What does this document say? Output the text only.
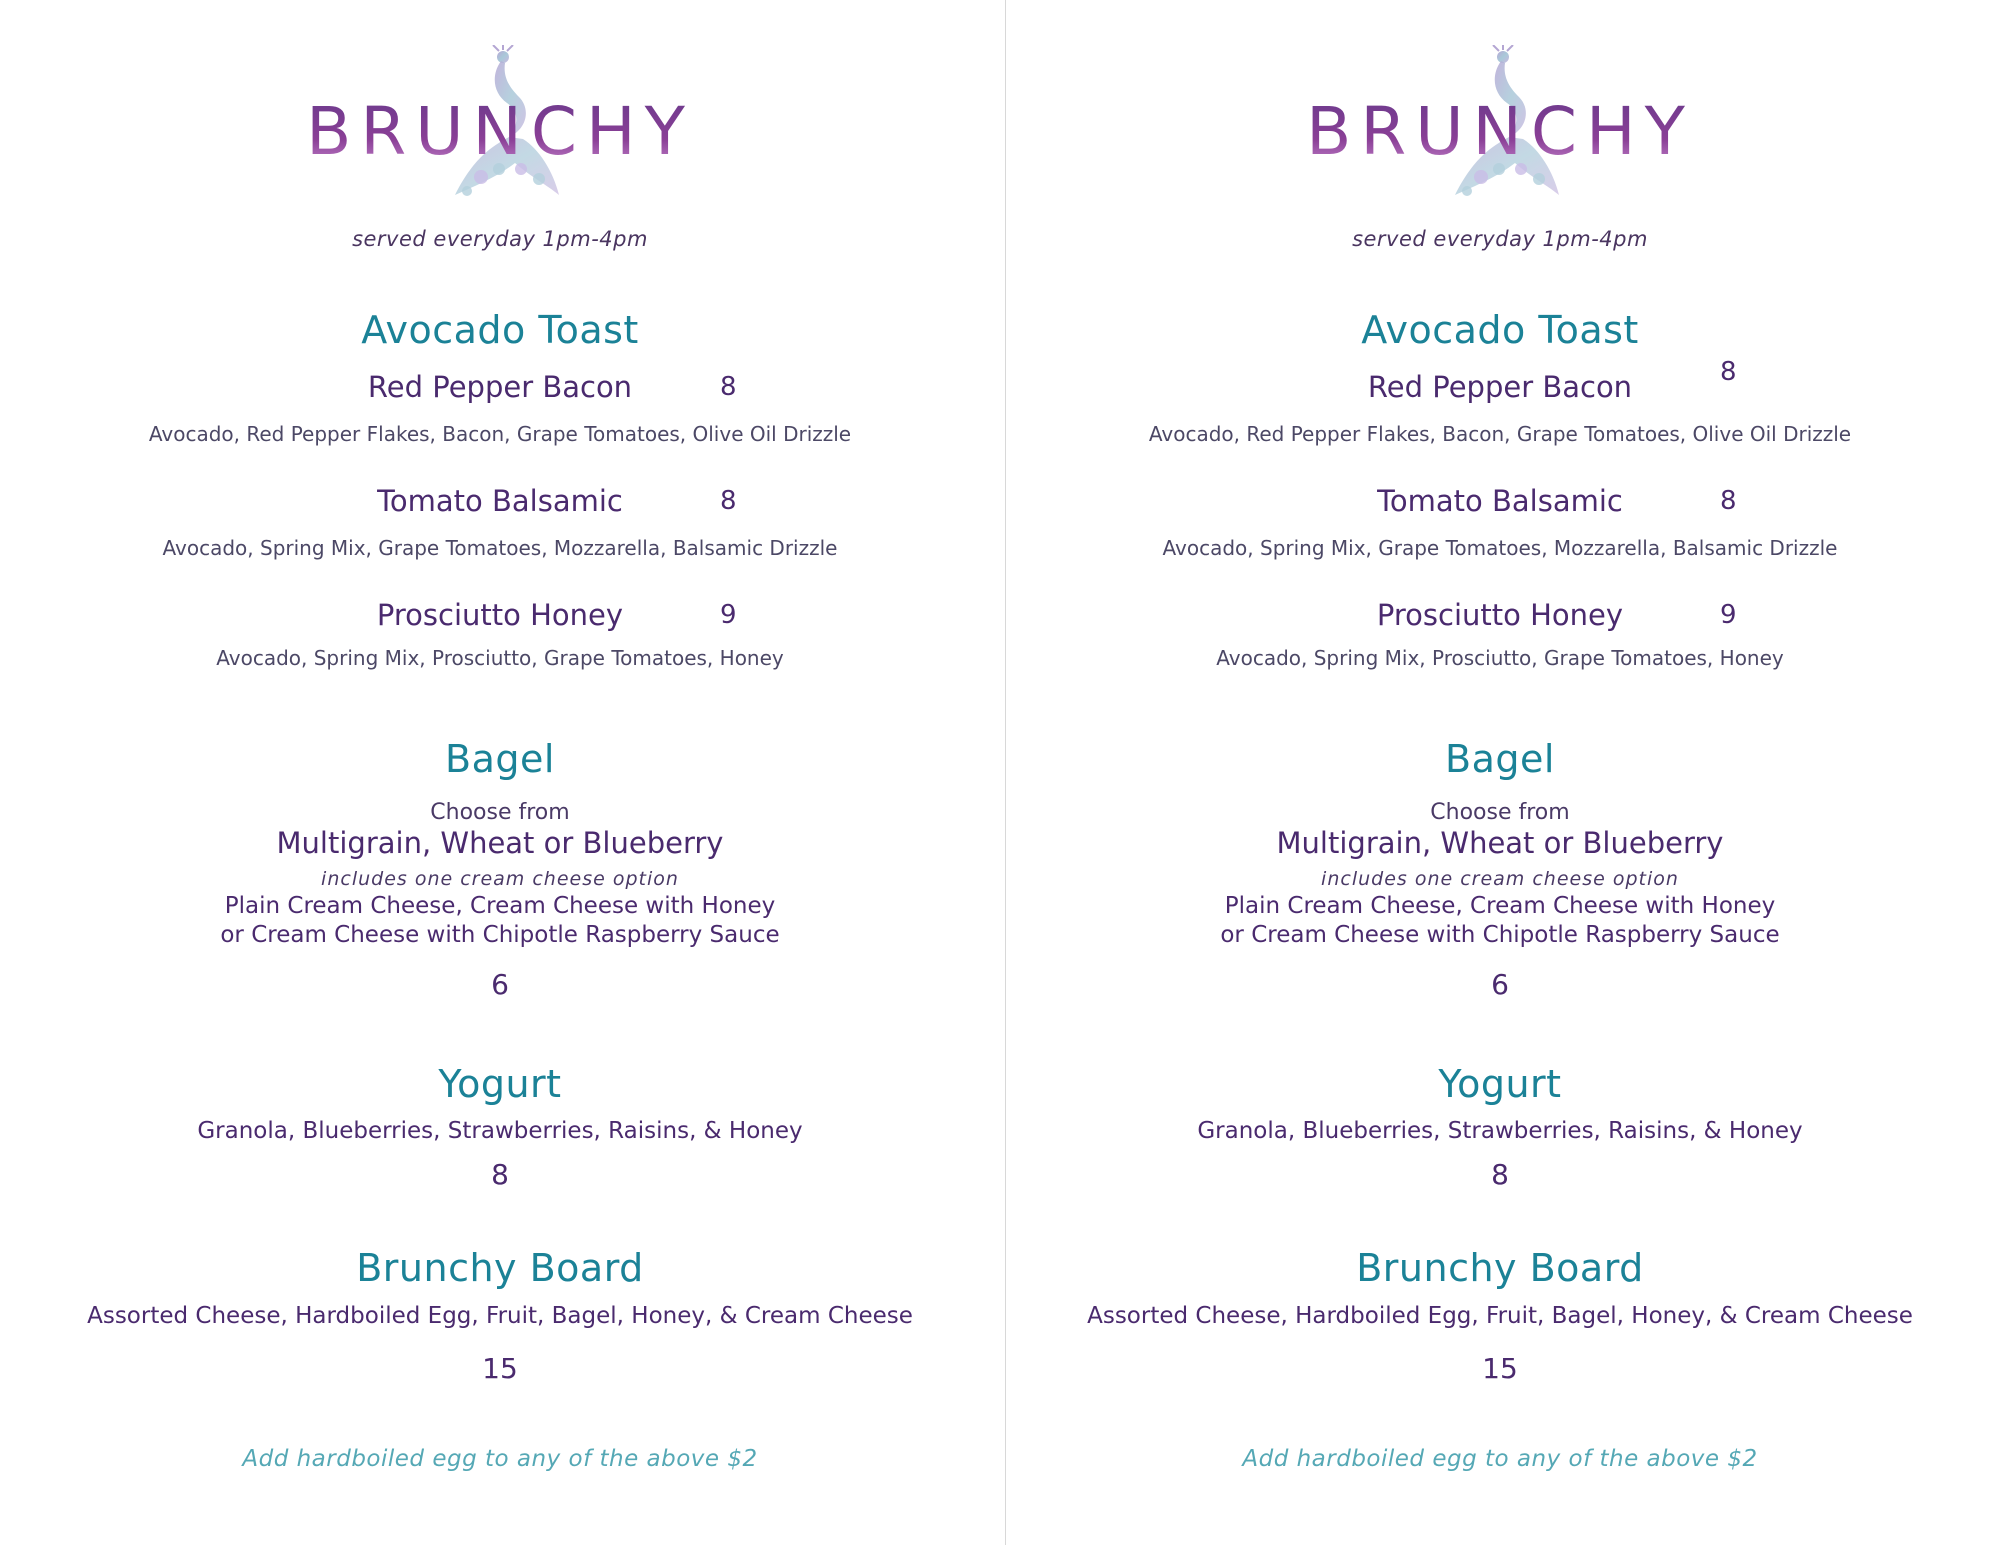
BRUNCHY
served everyday 1pm-4pm
Avocado Toast
Red Pepper Bacon	8
Avocado, Red Pepper Flakes, Bacon, Grape Tomatoes, Olive Oil Drizzle
Tomato Balsamic	8
Avocado, Spring Mix, Grape Tomatoes, Mozzarella, Balsamic Drizzle
Prosciutto Honey	9
Avocado, Spring Mix, Prosciutto, Grape Tomatoes, Honey
Bagel
Choose from
Multigrain, Wheat or Blueberry
includes one cream cheese option
Plain Cream Cheese, Cream Cheese with Honey
or Cream Cheese with Chipotle Raspberry Sauce
6
Yogurt
Granola, Blueberries, Strawberries, Raisins, & Honey
8
Brunchy Board
Assorted Cheese, Hardboiled Egg, Fruit, Bagel, Honey, & Cream Cheese
15
Add hardboiled egg to any of the above $2
BRUNCHY
served everyday 1pm-4pm
Avocado Toast
Red Pepper Bacon	8
Avocado, Red Pepper Flakes, Bacon, Grape Tomatoes, Olive Oil Drizzle
Tomato Balsamic	8
Avocado, Spring Mix, Grape Tomatoes, Mozzarella, Balsamic Drizzle
Prosciutto Honey	9
Avocado, Spring Mix, Prosciutto, Grape Tomatoes, Honey
Bagel
Choose from
Multigrain, Wheat or Blueberry
includes one cream cheese option
Plain Cream Cheese, Cream Cheese with Honey
or Cream Cheese with Chipotle Raspberry Sauce
6
Yogurt
Granola, Blueberries, Strawberries, Raisins, & Honey
8
Brunchy Board
Assorted Cheese, Hardboiled Egg, Fruit, Bagel, Honey, & Cream Cheese
15
Add hardboiled egg to any of the above $2
